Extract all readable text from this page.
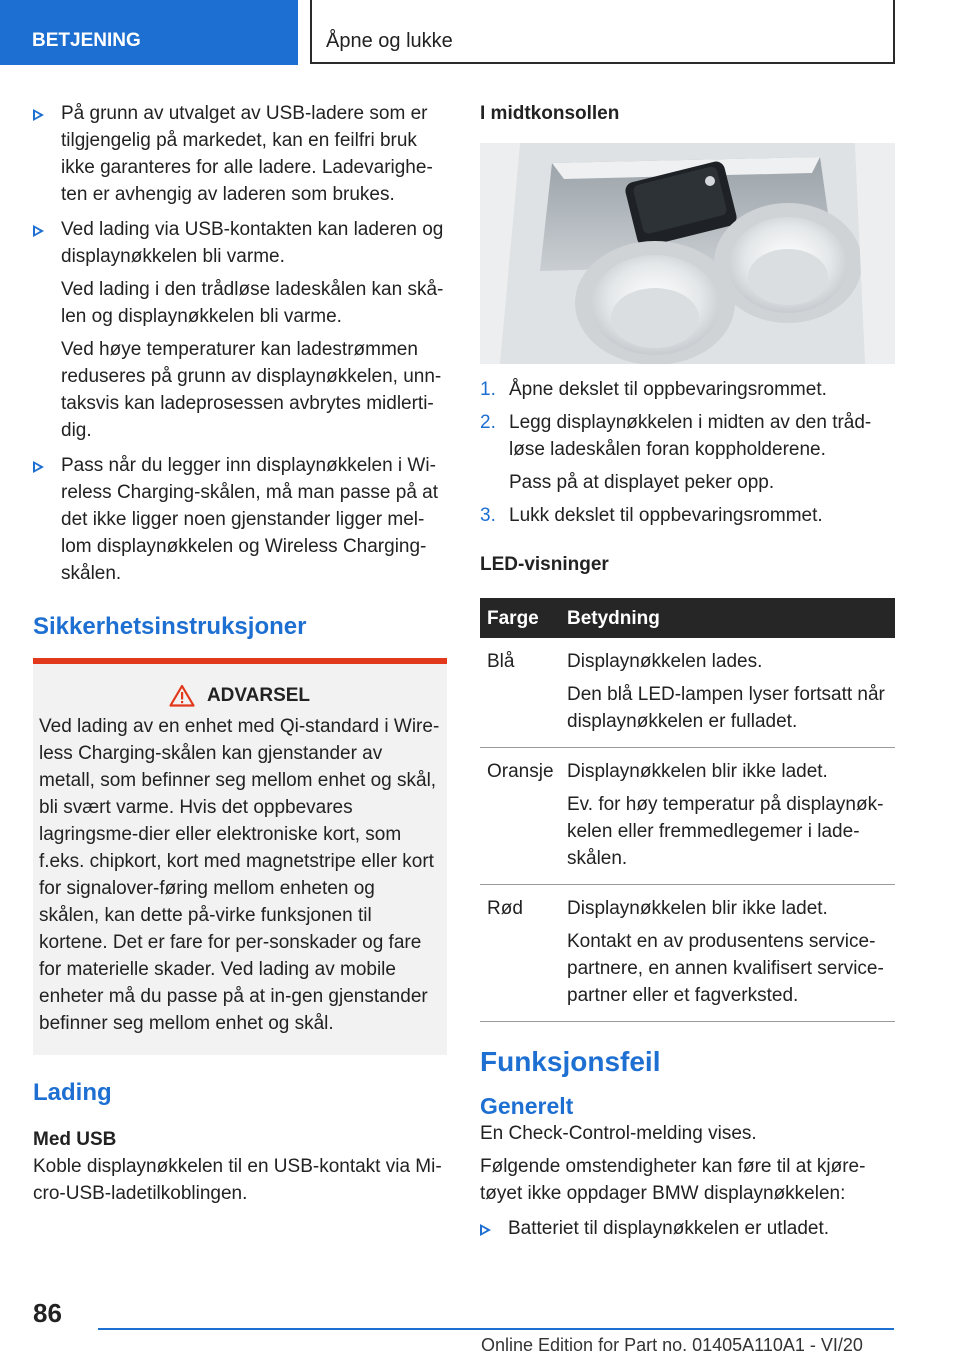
BETJENING	Åpne og lukke
På grunn av utvalget av USB-ladere som er tilgjengelig på markedet, kan en feilfri bruk ikke garanteres for alle ladere. Ladevarighe-ten er avhengig av laderen som brukes.
Ved lading via USB-kontakten kan laderen og displaynøkkelen bli varme.

Ved lading i den trådløse ladeskålen kan skå-len og displaynøkkelen bli varme.

Ved høye temperaturer kan ladestrømmen reduseres på grunn av displaynøkkelen, unn-taksvis kan ladeprosessen avbrytes midlerti-dig.

Pass når du legger inn displaynøkkelen i Wi-reless Charging-skålen, må man passe på at det ikke ligger noen gjenstander ligger mel-lom displaynøkkelen og Wireless Charging-skålen.
Sikkerhetsinstruksjoner
ADVARSEL
Ved lading av en enhet med Qi-standard i Wire-less Charging-skålen kan gjenstander av metall, som befinner seg mellom enhet og skål, bli svært varme. Hvis det oppbevares lagringsme-dier eller elektroniske kort, som f.eks. chipkort, kort med magnetstripe eller kort for signalover-føring mellom enheten og skålen, kan dette på-virke funksjonen til kortene. Det er fare for per-sonskader og fare for materielle skader. Ved lading av mobile enheter må du passe på at in-gen gjenstander befinner seg mellom enhet og skål.
Lading

Med USB

Koble displaynøkkelen til en USB-kontakt via Mi-cro-USB-ladetilkoblingen.

I midtkonsollen

1. Åpne dekslet til oppbevaringsrommet.
2. Legg displaynøkkelen i midten av den tråd-løse ladeskålen foran koppholderene.

Pass på at displayet peker opp.

3. Lukk dekslet til oppbevaringsrommet.

LED-visninger

Farge	Betydning
Blå	Displaynøkkelen lades.

Den blå LED-lampen lyser fortsatt når displaynøkkelen er fulladet.

Oransje	Displaynøkkelen blir ikke ladet.

Ev. for høy temperatur på displaynøk-kelen eller fremmedlegemer i lade-skålen.

Rød	Displaynøkkelen blir ikke ladet.

Kontakt en av produsentens service-partnere, en annen kvalifisert service-partner eller et fagverksted.

Funksjonsfeil
Generelt

En Check-Control-melding vises.

Følgende omstendigheter kan føre til at kjøre-tøyet ikke oppdager BMW displaynøkkelen:

Batteriet til displaynøkkelen er utladet.
86
Online Edition for Part no. 01405A110A1 - VI/20
